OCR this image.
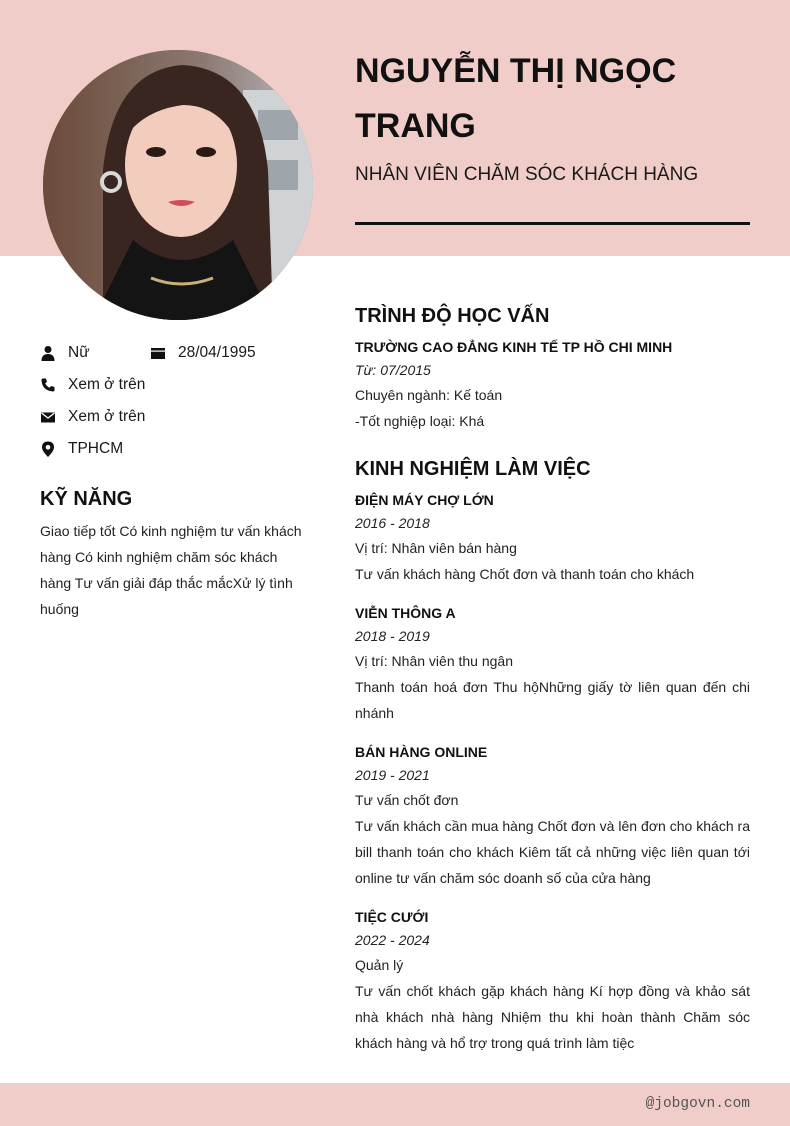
NGUYỄN THỊ NGỌC TRANG

NHÂN VIÊN CHĂM SÓC KHÁCH HÀNG

Nữ	28/04/1995
Xem ở trên
Xem ở trên
TPHCM
KỸ NĂNG

Giao tiếp tốt Có kinh nghiệm tư vấn khách hàng Có kinh nghiệm chăm sóc khách hàng Tư vấn giải đáp thắc mắcXử lý tình huống

TRÌNH ĐỘ HỌC VẤN

TRƯỜNG CAO ĐẲNG KINH TẾ TP HỒ CHI MINH

Từ: 07/2015

Chuyên ngành: Kế toán

-Tốt nghiệp loại: Khá

KINH NGHIỆM LÀM VIỆC

ĐIỆN MÁY CHỢ LỚN

2016 - 2018

Vị trí: Nhân viên bán hàng

Tư vấn khách hàng Chốt đơn và thanh toán cho khách

VIỄN THÔNG A

2018 - 2019

Vị trí: Nhân viên thu ngân

Thanh toán hoá đơn Thu hộNhững giấy tờ liên quan đến chi nhánh

BÁN HÀNG ONLINE

2019 - 2021

Tư vấn chốt đơn

Tư vấn khách cần mua hàng Chốt đơn và lên đơn cho khách ra bill thanh toán cho khách Kiêm tất cả những việc liên quan tới online tư vấn chăm sóc doanh số của cửa hàng

TIỆC CƯỚI

2022 - 2024

Quản lý

Tư vấn chốt khách gặp khách hàng Kí hợp đồng và khảo sát nhà khách nhà hàng Nhiệm thu khi hoàn thành Chăm sóc khách hàng và hổ trợ trong quá trình làm tiệc

@jobgovn.com
